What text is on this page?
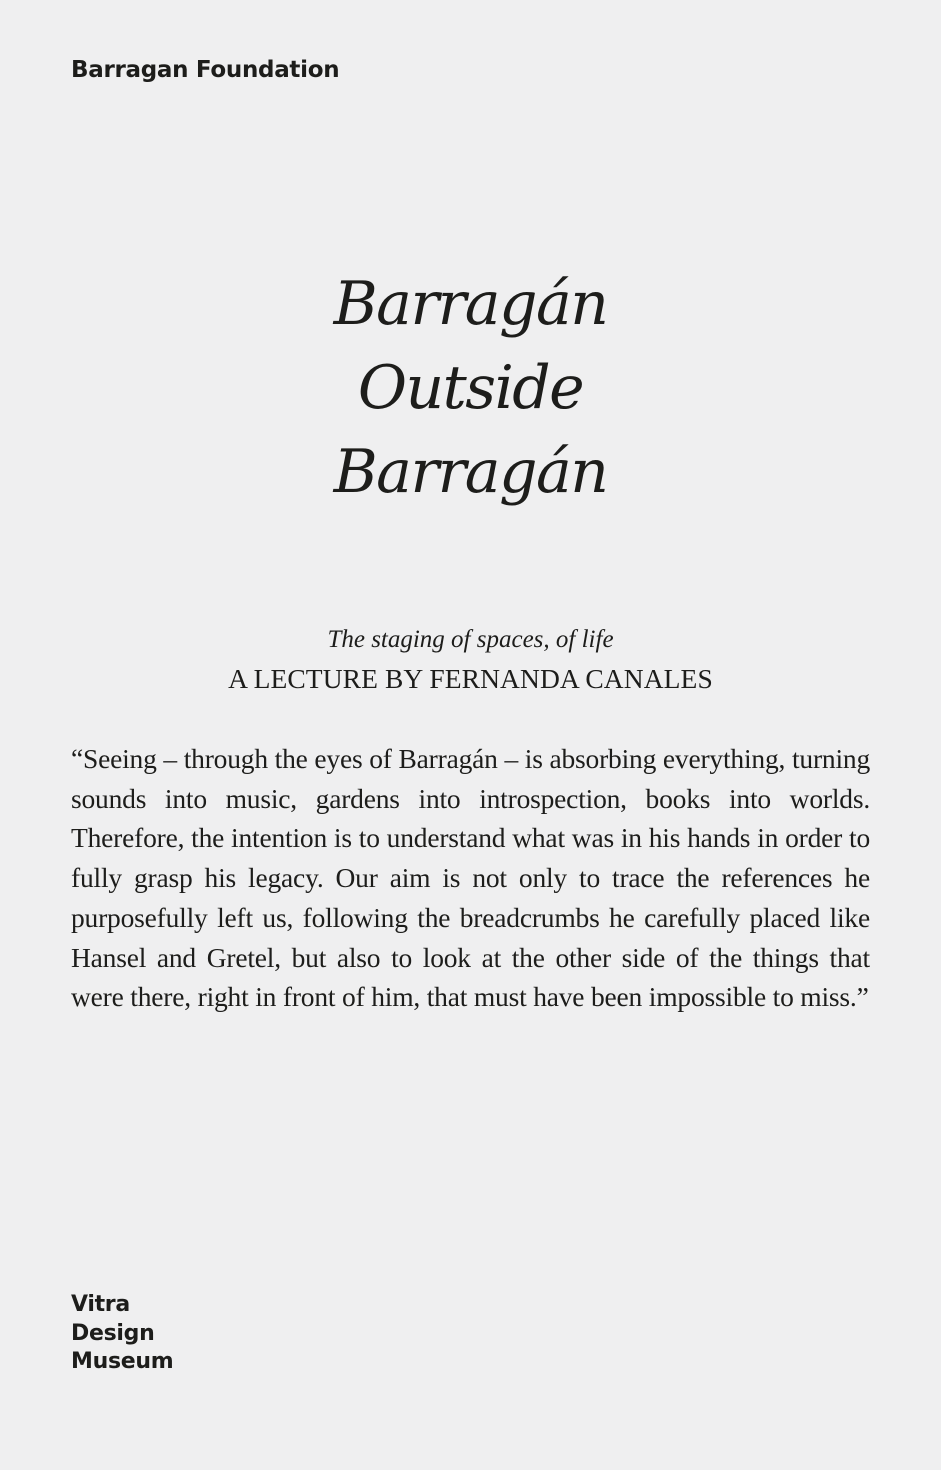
Barragan Foundation
Barragán
Outside
Barragán
The staging of spaces, of life
A LECTURE BY FERNANDA CANALES

“Seeing – through the eyes of Barragán – is absorbing everything, turning sounds into music, gardens into introspection, books into worlds. Therefore, the intention is to understand what was in his hands in order to fully grasp his legacy. Our aim is not only to trace the references he purposefully left us, following the breadcrumbs he carefully placed like Hansel and Gretel, but also to look at the other side of the things that were there, right in front of him, that must have been impossible to miss.”

Vitra
Design
Museum
